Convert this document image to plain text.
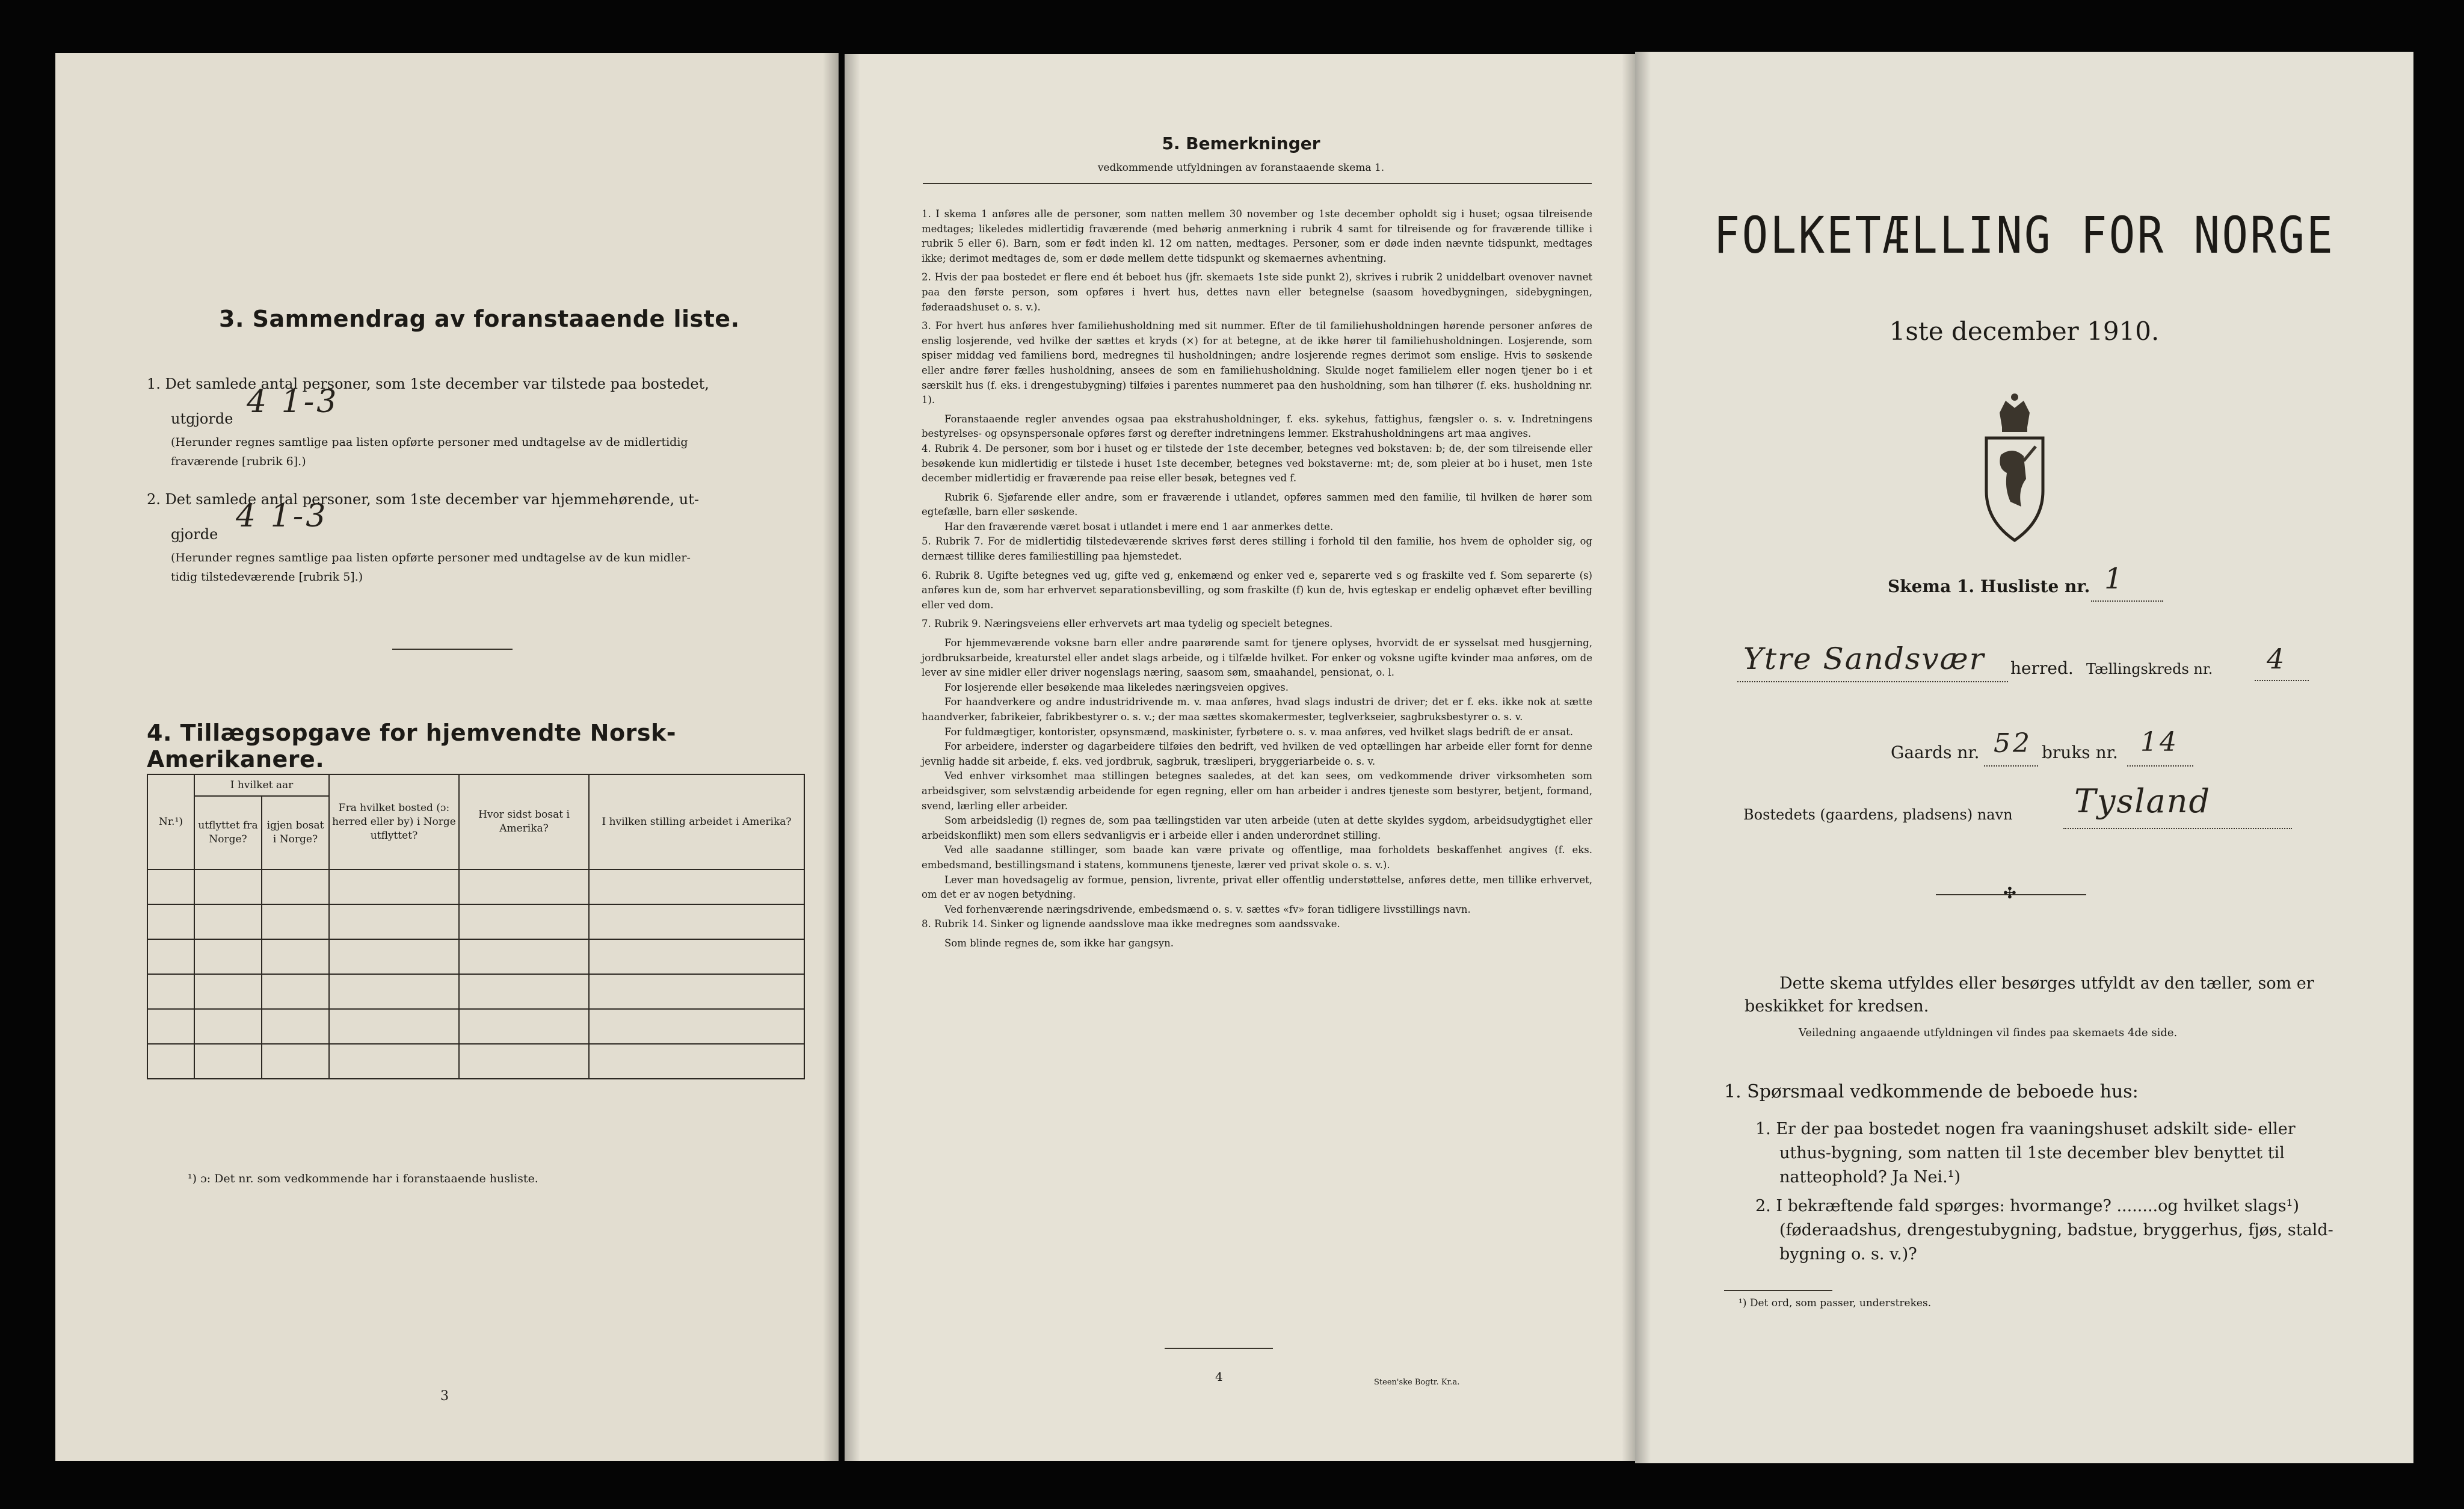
3. Sammendrag av foranstaaende liste.
1. Det samlede antal personer, som 1ste december var tilstede paa bostedet,
utgjorde 4 1-3
(Herunder regnes samtlige paa listen opførte personer med undtagelse av de midlertidig
fraværende [rubrik 6].)
2. Det samlede antal personer, som 1ste december var hjemmehørende, ut-
gjorde 4 1-3
(Herunder regnes samtlige paa listen opførte personer med undtagelse av de kun midler-
tidig tilstedeværende [rubrik 5].)
4. Tillægsopgave for hjemvendte Norsk-Amerikanere.
Nr.¹)	I hvilket aar		Fra hvilket bosted (ɔ: herred eller by) i Norge utflyttet?	Hvor sidst bosat i Amerika?	I hvilken stilling arbeidet i Amerika?
	utflyttet fra Norge?	igjen bosat i Norge?			

¹) ɔ: Det nr. som vedkommende har i foranstaaende husliste.
3
5. Bemerkninger
vedkommende utfyldningen av foranstaaende skema 1.

1. I skema 1 anføres alle de personer, som natten mellem 30 november og 1ste december opholdt sig i huset; ogsaa tilreisende medtages; likeledes midlertidig fraværende (med behørig anmerkning i rubrik 4 samt for tilreisende og for fraværende tillike i rubrik 5 eller 6). Barn, som er født inden kl. 12 om natten, medtages. Personer, som er døde inden nævnte tidspunkt, medtages ikke; derimot medtages de, som er døde mellem dette tidspunkt og skemaernes avhentning.

2. Hvis der paa bostedet er flere end ét beboet hus (jfr. skemaets 1ste side punkt 2), skrives i rubrik 2 uniddelbart ovenover navnet paa den første person, som opføres i hvert hus, dettes navn eller betegnelse (saasom hovedbygningen, sidebygningen, føderaadshuset o. s. v.).

3. For hvert hus anføres hver familiehusholdning med sit nummer. Efter de til familiehusholdningen hørende personer anføres de enslig losjerende, ved hvilke der sættes et kryds (×) for at betegne, at de ikke hører til familiehusholdningen. Losjerende, som spiser middag ved familiens bord, medregnes til husholdningen; andre losjerende regnes derimot som enslige. Hvis to søskende eller andre fører fælles husholdning, ansees de som en familiehusholdning. Skulde noget familielem eller nogen tjener bo i et særskilt hus (f. eks. i drengestubygning) tilføies i parentes nummeret paa den husholdning, som han tilhører (f. eks. husholdning nr. 1).

Foranstaaende regler anvendes ogsaa paa ekstrahusholdninger, f. eks. sykehus, fattighus, fængsler o. s. v. Indretningens bestyrelses- og opsynspersonale opføres først og derefter indretningens lemmer. Ekstrahusholdningens art maa angives.

4. Rubrik 4. De personer, som bor i huset og er tilstede der 1ste december, betegnes ved bokstaven: b; de, der som tilreisende eller besøkende kun midlertidig er tilstede i huset 1ste december, betegnes ved bokstaverne: mt; de, som pleier at bo i huset, men 1ste december midlertidig er fraværende paa reise eller besøk, betegnes ved f.

Rubrik 6. Sjøfarende eller andre, som er fraværende i utlandet, opføres sammen med den familie, til hvilken de hører som egtefælle, barn eller søskende.

Har den fraværende været bosat i utlandet i mere end 1 aar anmerkes dette.

5. Rubrik 7. For de midlertidig tilstedeværende skrives først deres stilling i forhold til den familie, hos hvem de opholder sig, og dernæst tillike deres familiestilling paa hjemstedet.

6. Rubrik 8. Ugifte betegnes ved ug, gifte ved g, enkemænd og enker ved e, separerte ved s og fraskilte ved f. Som separerte (s) anføres kun de, som har erhvervet separationsbevilling, og som fraskilte (f) kun de, hvis egteskap er endelig ophævet efter bevilling eller ved dom.

7. Rubrik 9. Næringsveiens eller erhvervets art maa tydelig og specielt betegnes.

For hjemmeværende voksne barn eller andre paarørende samt for tjenere oplyses, hvorvidt de er sysselsat med husgjerning, jordbruksarbeide, kreaturstel eller andet slags arbeide, og i tilfælde hvilket. For enker og voksne ugifte kvinder maa anføres, om de lever av sine midler eller driver nogenslags næring, saasom søm, smaahandel, pensionat, o. l.

For losjerende eller besøkende maa likeledes næringsveien opgives.

For haandverkere og andre industridrivende m. v. maa anføres, hvad slags industri de driver; det er f. eks. ikke nok at sætte haandverker, fabrikeier, fabrikbestyrer o. s. v.; der maa sættes skomakermester, teglverkseier, sagbruksbestyrer o. s. v.

For fuldmægtiger, kontorister, opsynsmænd, maskinister, fyrbøtere o. s. v. maa anføres, ved hvilket slags bedrift de er ansat.

For arbeidere, inderster og dagarbeidere tilføies den bedrift, ved hvilken de ved optællingen har arbeide eller fornt for denne jevnlig hadde sit arbeide, f. eks. ved jordbruk, sagbruk, træsliperi, bryggeriarbeide o. s. v.

Ved enhver virksomhet maa stillingen betegnes saaledes, at det kan sees, om vedkommende driver virksomheten som arbeidsgiver, som selvstændig arbeidende for egen regning, eller om han arbeider i andres tjeneste som bestyrer, betjent, formand, svend, lærling eller arbeider.

Som arbeidsledig (l) regnes de, som paa tællingstiden var uten arbeide (uten at dette skyldes sygdom, arbeidsudygtighet eller arbeidskonflikt) men som ellers sedvanligvis er i arbeide eller i anden underordnet stilling.

Ved alle saadanne stillinger, som baade kan være private og offentlige, maa forholdets beskaffenhet angives (f. eks. embedsmand, bestillingsmand i statens, kommunens tjeneste, lærer ved privat skole o. s. v.).

Lever man hovedsagelig av formue, pension, livrente, privat eller offentlig understøttelse, anføres dette, men tillike erhvervet, om det er av nogen betydning.

Ved forhenværende næringsdrivende, embedsmænd o. s. v. sættes «fv» foran tidligere livsstillings navn.

8. Rubrik 14. Sinker og lignende aandsslove maa ikke medregnes som aandssvake.

Som blinde regnes de, som ikke har gangsyn.

4	Steen'ske Bogtr. Kr.a.
FOLKETÆLLING FOR NORGE
1ste december 1910.
Skema 1. Husliste nr. 1
Ytre Sandsvær herred. Tællingskreds nr. 4
Gaards nr. 52 bruks nr. 14
Bostedets (gaardens, pladsens) navn Tysland
✣
Dette skema utfyldes eller besørges utfyldt av den tæller, som er
beskikket for kredsen.
Veiledning angaaende utfyldningen vil findes paa skemaets 4de side.
1. Spørsmaal vedkommende de beboede hus:
1. Er der paa bostedet nogen fra vaaningshuset adskilt side- eller
uthus-bygning, som natten til 1ste december blev benyttet til
natteophold? Ja Nei.¹)
2. I bekræftende fald spørges: hvormange? ........og hvilket slags¹)
(føderaadshus, drengestubygning, badstue, bryggerhus, fjøs, stald-
bygning o. s. v.)?
¹) Det ord, som passer, understrekes.
